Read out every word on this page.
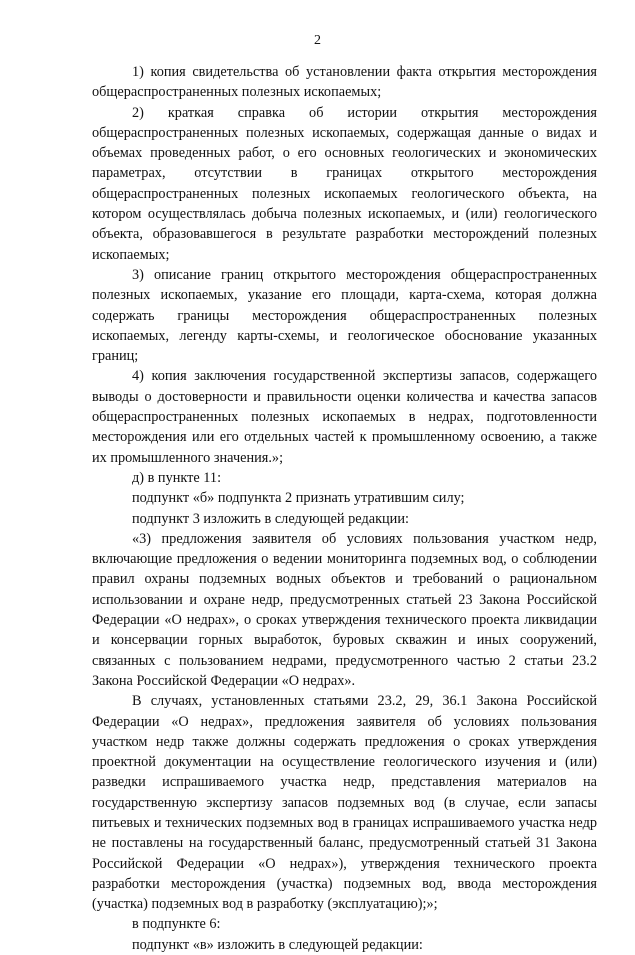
2

1) копия свидетельства об установлении факта открытия месторождения общераспространенных полезных ископаемых;

2) краткая справка об истории открытия месторождения общераспространенных полезных ископаемых, содержащая данные о видах и объемах проведенных работ, о его основных геологических и экономических параметрах, отсутствии в границах открытого месторождения общераспространенных полезных ископаемых геологического объекта, на котором осуществлялась добыча полезных ископаемых, и (или) геологического объекта, образовавшегося в результате разработки месторождений полезных ископаемых;

3) описание границ открытого месторождения общераспространенных полезных ископаемых, указание его площади, карта-схема, которая должна содержать границы месторождения общераспространенных полезных ископаемых, легенду карты-схемы, и геологическое обоснование указанных границ;

4) копия заключения государственной экспертизы запасов, содержащего выводы о достоверности и правильности оценки количества и качества запасов общераспространенных полезных ископаемых в недрах, подготовленности месторождения или его отдельных частей к промышленному освоению, а также их промышленного значения.»;

д) в пункте 11:

подпункт «б» подпункта 2 признать утратившим силу;

подпункт 3 изложить в следующей редакции:

«3) предложения заявителя об условиях пользования участком недр, включающие предложения о ведении мониторинга подземных вод, о соблюдении правил охраны подземных водных объектов и требований о рациональном использовании и охране недр, предусмотренных статьей 23 Закона Российской Федерации «О недрах», о сроках утверждения технического проекта ликвидации и консервации горных выработок, буровых скважин и иных сооружений, связанных с пользованием недрами, предусмотренного частью 2 статьи 23.2 Закона Российской Федерации «О недрах».

В случаях, установленных статьями 23.2, 29, 36.1 Закона Российской Федерации «О недрах», предложения заявителя об условиях пользования участком недр также должны содержать предложения о сроках утверждения проектной документации на осуществление геологического изучения и (или) разведки испрашиваемого участка недр, представления материалов на государственную экспертизу запасов подземных вод (в случае, если запасы питьевых и технических подземных вод в границах испрашиваемого участка недр не поставлены на государственный баланс, предусмотренный статьей 31 Закона Российской Федерации «О недрах»), утверждения технического проекта разработки месторождения (участка) подземных вод, ввода месторождения (участка) подземных вод в разработку (эксплуатацию);»;

в подпункте 6:

подпункт «в» изложить в следующей редакции:
